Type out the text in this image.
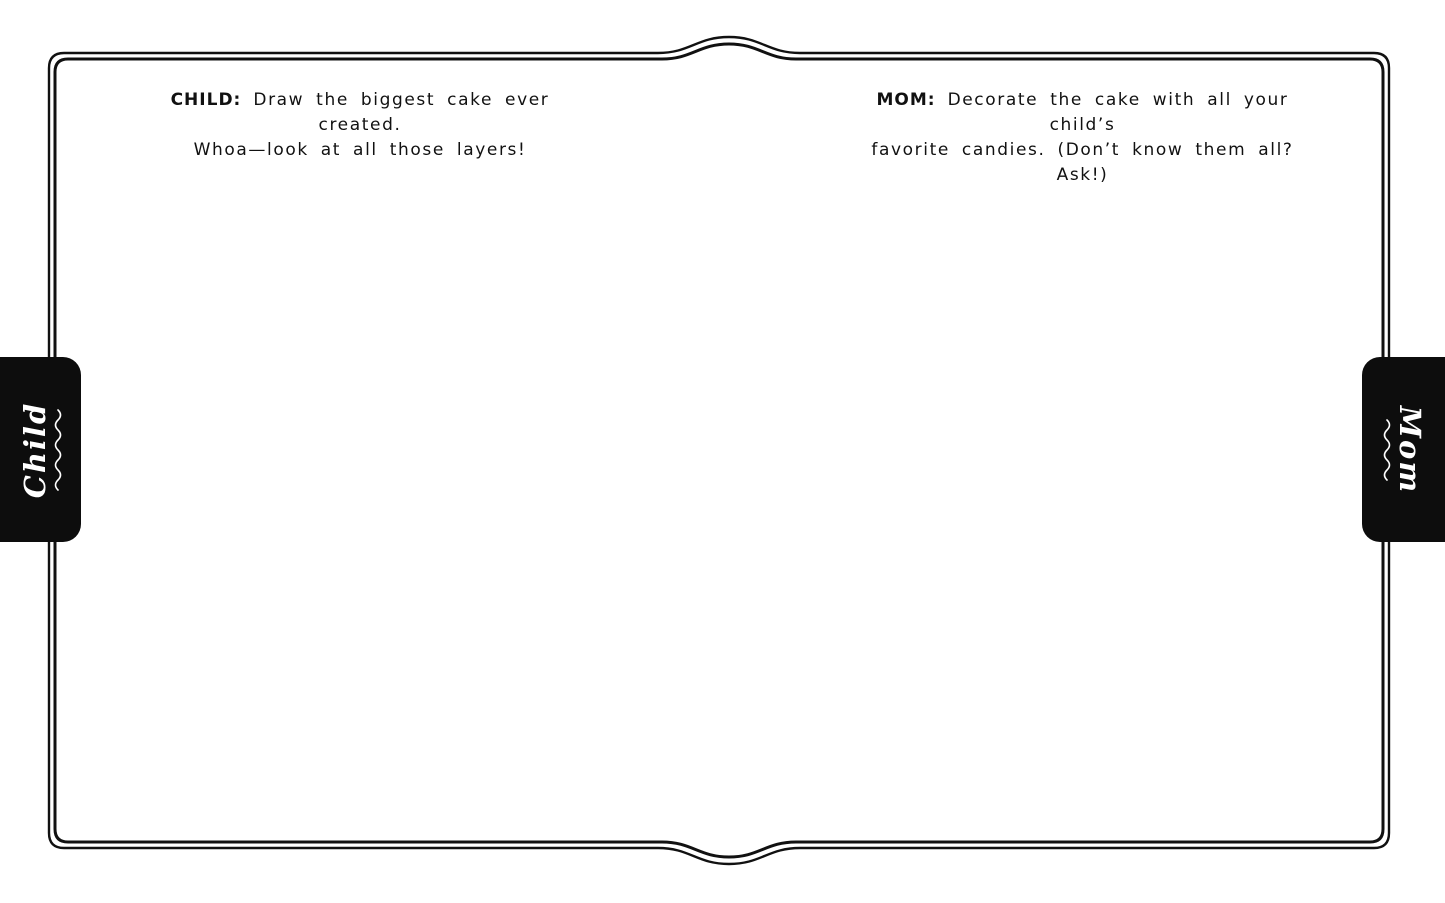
CHILD: Draw the biggest cake ever created.
Whoa—look at all those layers!
MOM: Decorate the cake with all your child’s
favorite candies. (Don’t know them all? Ask!)
Child	Mom
